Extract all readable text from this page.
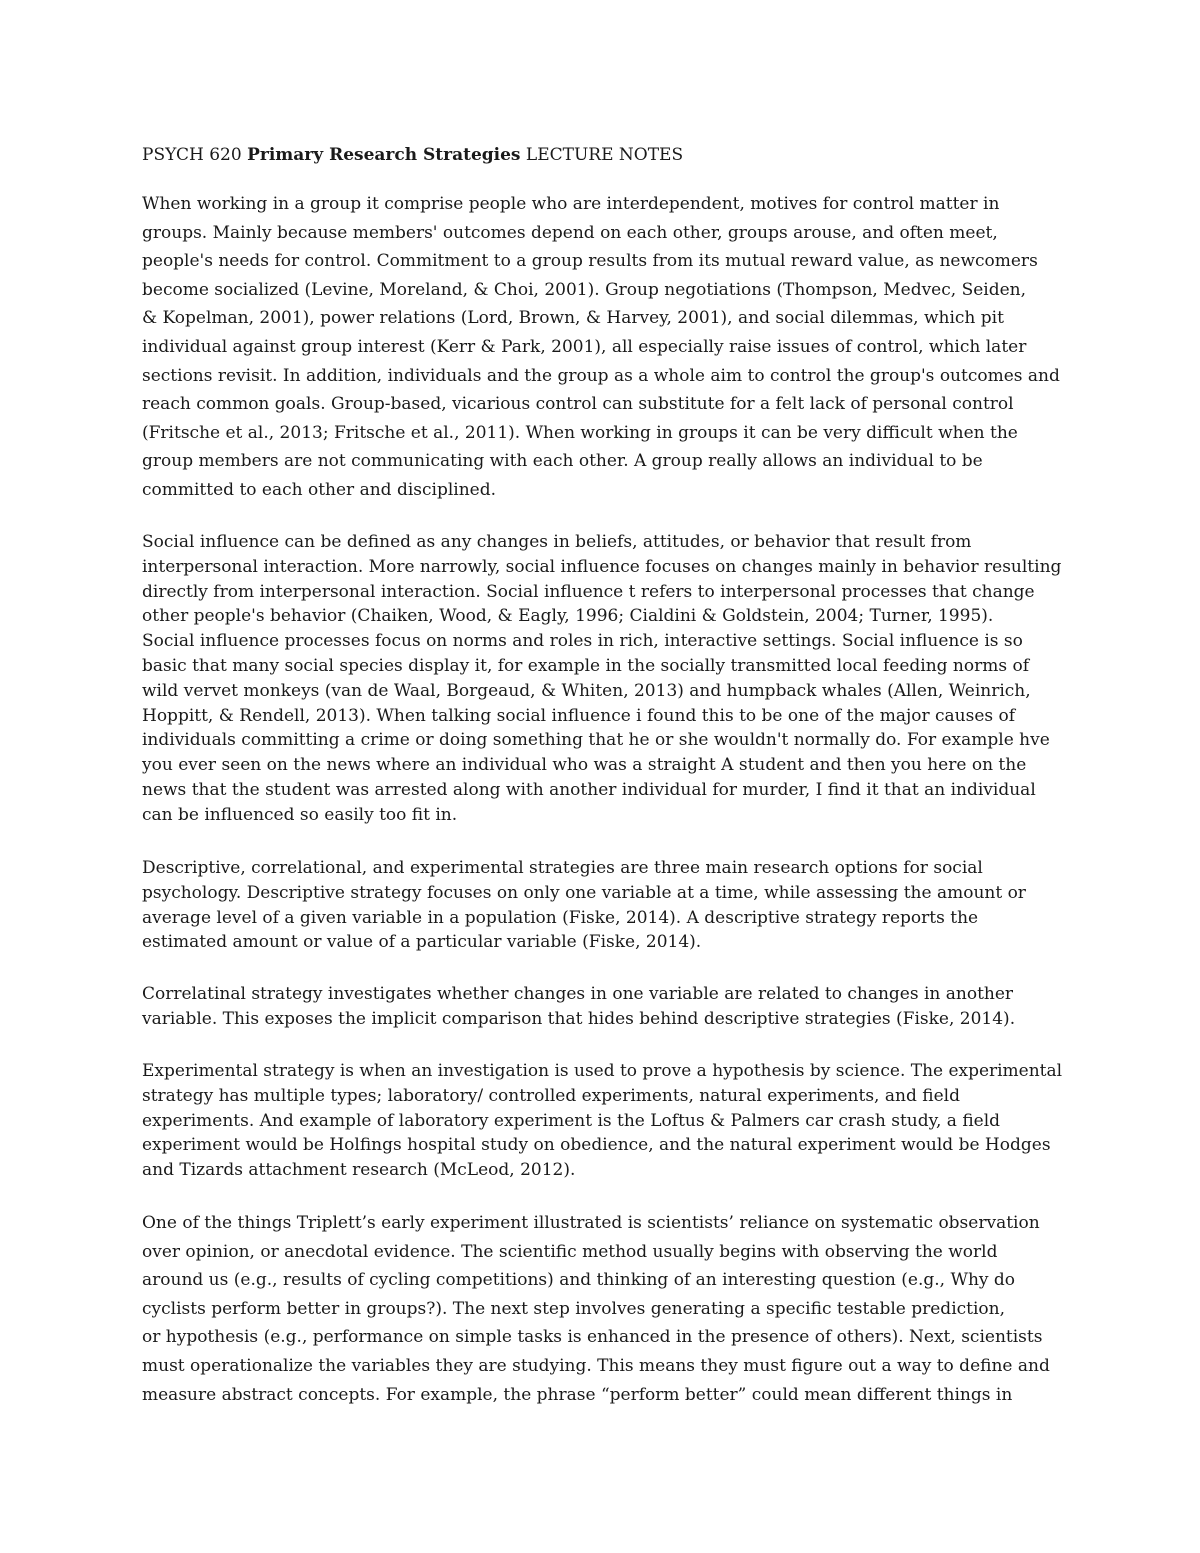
PSYCH 620 Primary Research Strategies LECTURE NOTES
When working in a group it comprise people who are interdependent, motives for control matter in
groups. Mainly because members' outcomes depend on each other, groups arouse, and often meet,
people's needs for control. Commitment to a group results from its mutual reward value, as newcomers
become socialized (Levine, Moreland, & Choi, 2001). Group negotiations (Thompson, Medvec, Seiden,
& Kopelman, 2001), power relations (Lord, Brown, & Harvey, 2001), and social dilemmas, which pit
individual against group interest (Kerr & Park, 2001), all especially raise issues of control, which later
sections revisit. In addition, individuals and the group as a whole aim to control the group's outcomes and
reach common goals. Group-based, vicarious control can substitute for a felt lack of personal control
(Fritsche et al., 2013; Fritsche et al., 2011). When working in groups it can be very difficult when the
group members are not communicating with each other. A group really allows an individual to be
committed to each other and disciplined.
Social influence can be defined as any changes in beliefs, attitudes, or behavior that result from
interpersonal interaction. More narrowly, social influence focuses on changes mainly in behavior resulting
directly from interpersonal interaction. Social influence t refers to interpersonal processes that change
other people's behavior (Chaiken, Wood, & Eagly, 1996; Cialdini & Goldstein, 2004; Turner, 1995).
Social influence processes focus on norms and roles in rich, interactive settings. Social influence is so
basic that many social species display it, for example in the socially transmitted local feeding norms of
wild vervet monkeys (van de Waal, Borgeaud, & Whiten, 2013) and humpback whales (Allen, Weinrich,
Hoppitt, & Rendell, 2013). When talking social influence i found this to be one of the major causes of
individuals committing a crime or doing something that he or she wouldn't normally do. For example hve
you ever seen on the news where an individual who was a straight A student and then you here on the
news that the student was arrested along with another individual for murder, I find it that an individual
can be influenced so easily too fit in.
Descriptive, correlational, and experimental strategies are three main research options for social
psychology. Descriptive strategy focuses on only one variable at a time, while assessing the amount or
average level of a given variable in a population (Fiske, 2014). A descriptive strategy reports the
estimated amount or value of a particular variable (Fiske, 2014).
Correlatinal strategy investigates whether changes in one variable are related to changes in another
variable. This exposes the implicit comparison that hides behind descriptive strategies (Fiske, 2014).
Experimental strategy is when an investigation is used to prove a hypothesis by science. The experimental
strategy has multiple types; laboratory/ controlled experiments, natural experiments, and field
experiments. And example of laboratory experiment is the Loftus & Palmers car crash study, a field
experiment would be Holfings hospital study on obedience, and the natural experiment would be Hodges
and Tizards attachment research (McLeod, 2012).
One of the things Triplett’s early experiment illustrated is scientists’ reliance on systematic observation
over opinion, or anecdotal evidence. The scientific method usually begins with observing the world
around us (e.g., results of cycling competitions) and thinking of an interesting question (e.g., Why do
cyclists perform better in groups?). The next step involves generating a specific testable prediction,
or hypothesis (e.g., performance on simple tasks is enhanced in the presence of others). Next, scientists
must operationalize the variables they are studying. This means they must figure out a way to define and
measure abstract concepts. For example, the phrase “perform better” could mean different things in
